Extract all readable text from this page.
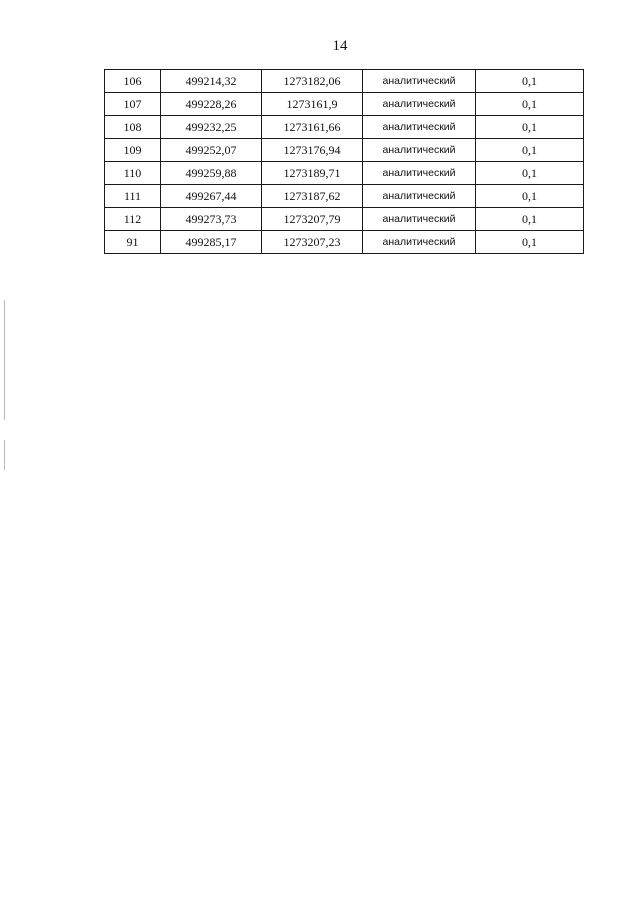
14
106	499214,32	1273182,06	аналитический	0,1
107	499228,26	1273161,9	аналитический	0,1
108	499232,25	1273161,66	аналитический	0,1
109	499252,07	1273176,94	аналитический	0,1
110	499259,88	1273189,71	аналитический	0,1
111	499267,44	1273187,62	аналитический	0,1
112	499273,73	1273207,79	аналитический	0,1
91	499285,17	1273207,23	аналитический	0,1
